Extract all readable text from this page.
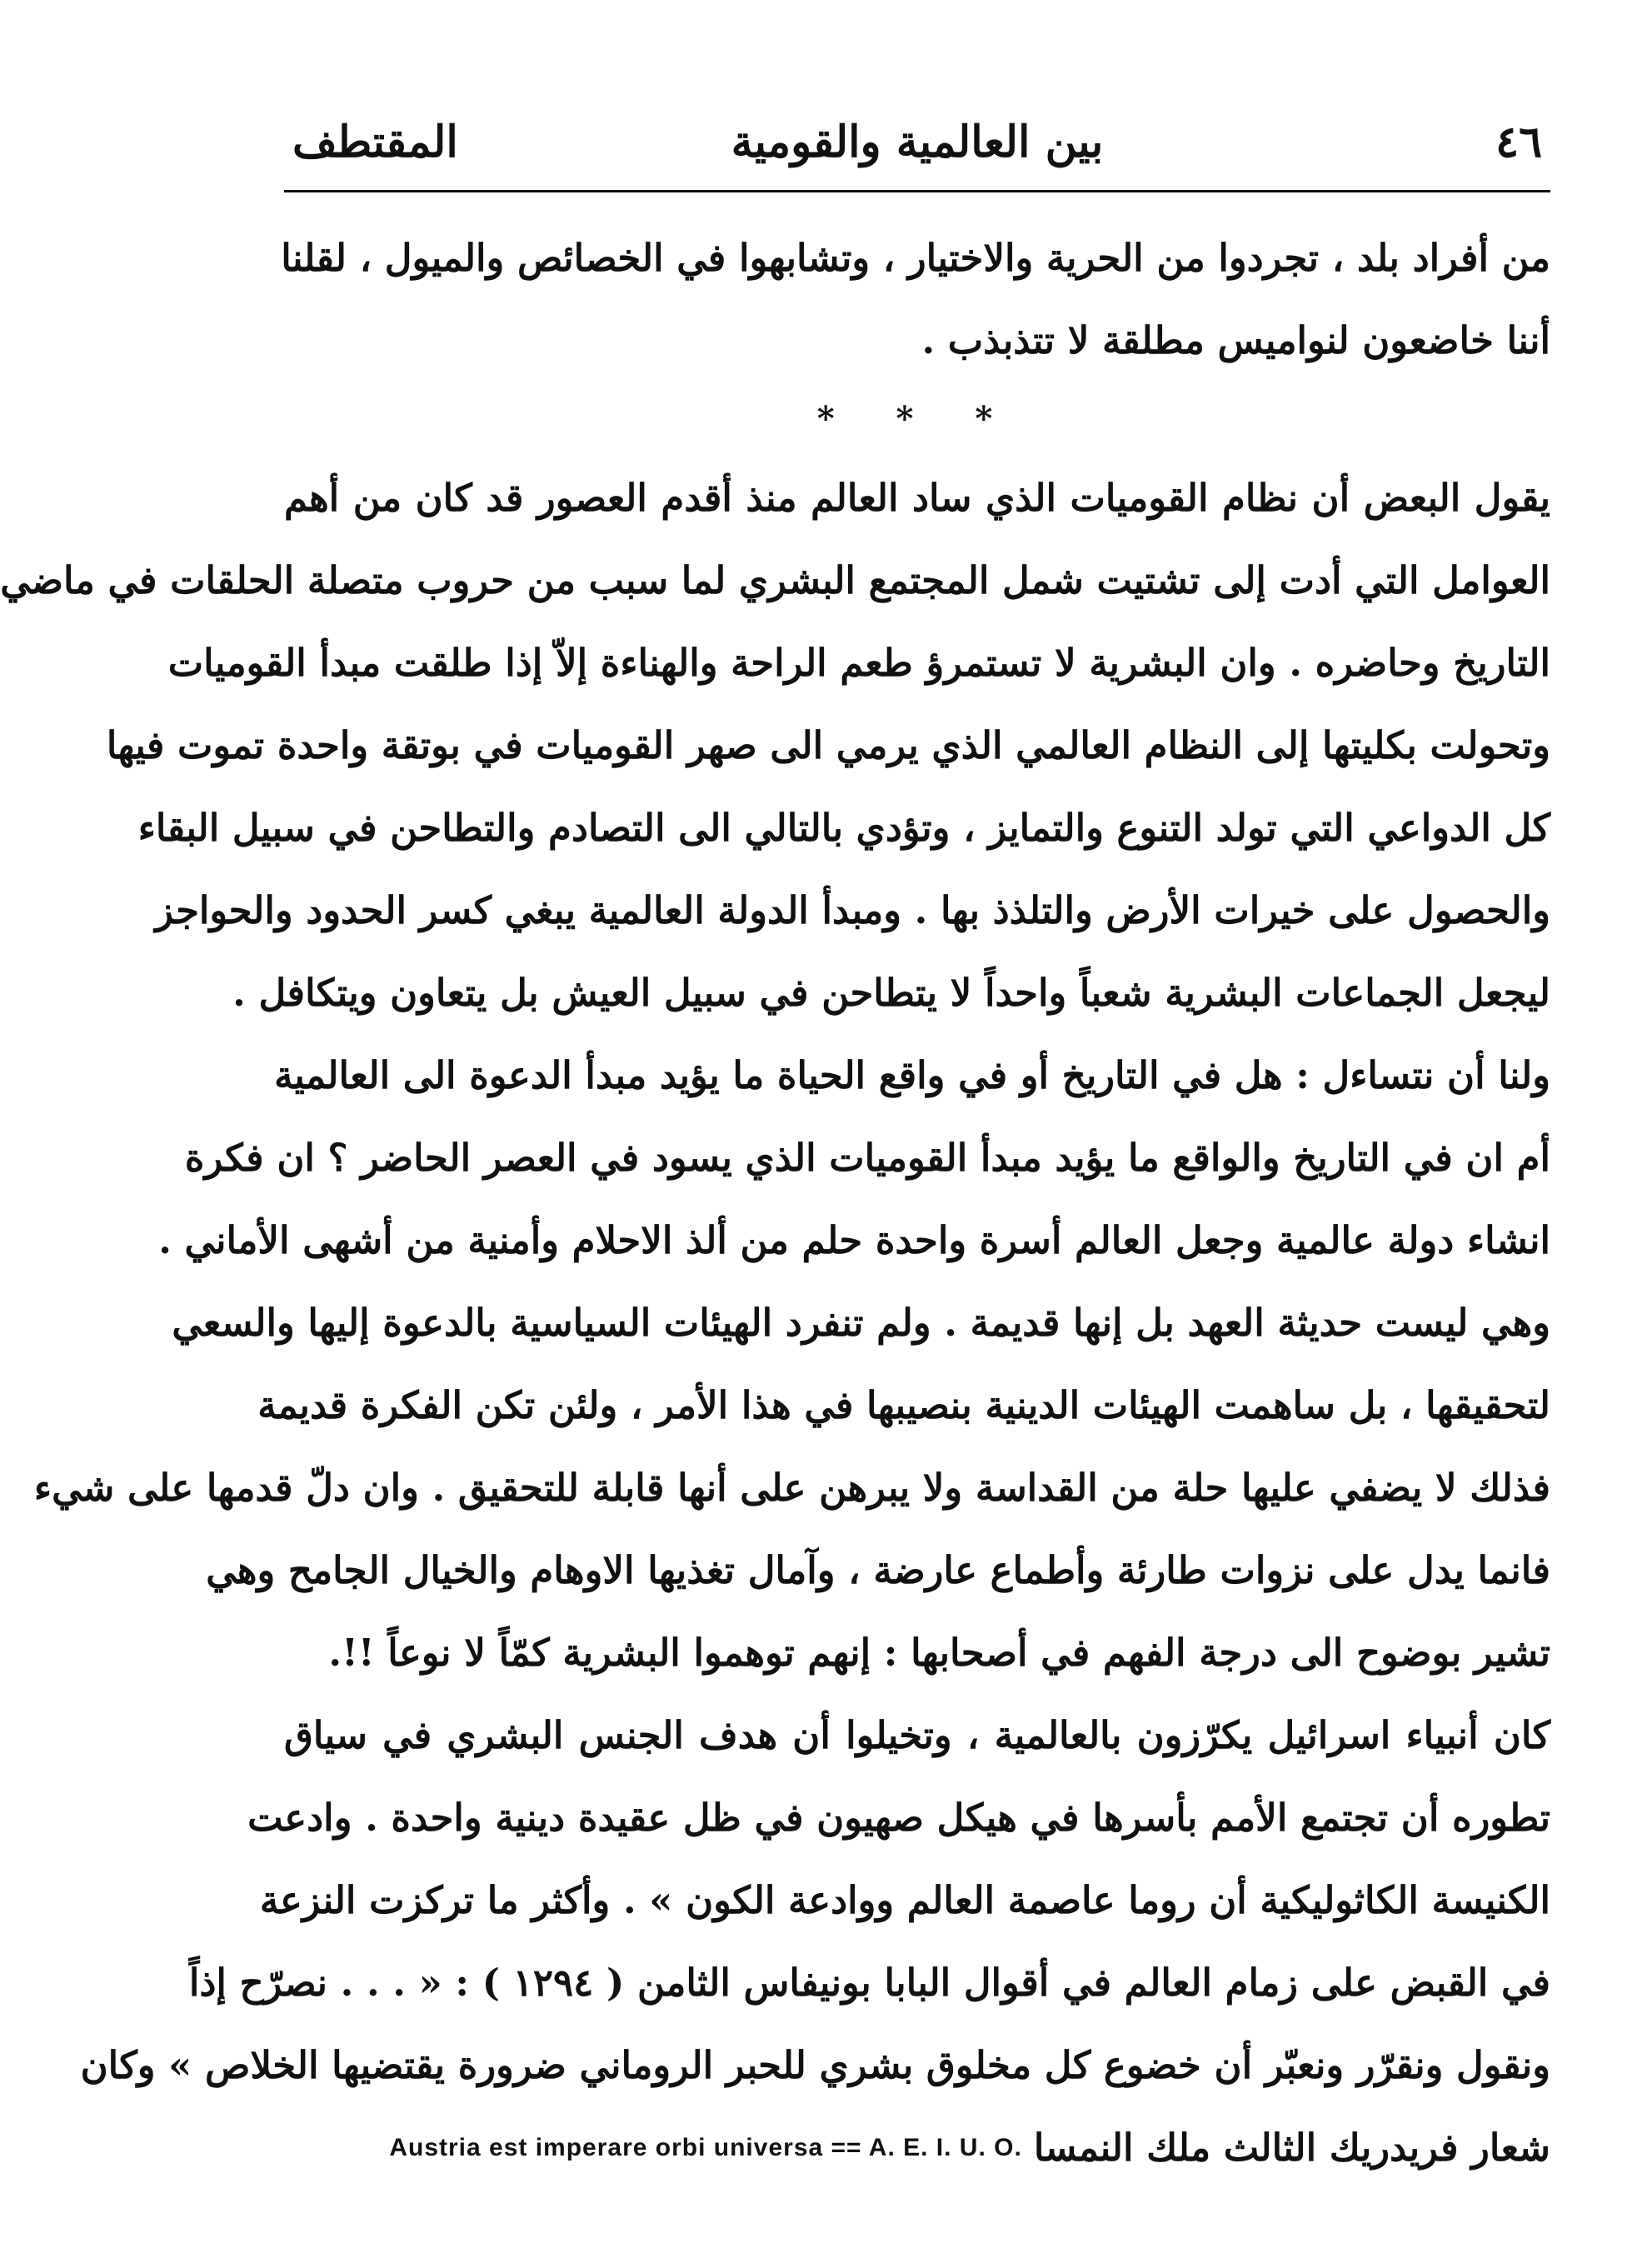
٤٦
بين العالمية والقومية
المقتطف
من أفراد بلد ، تجردوا من الحرية والاختيار ، وتشابهوا في الخصائص والميول ، لقلنا
أننا خاضعون لنواميس مطلقة لا تتذبذب .
* * *
يقول البعض أن نظام القوميات الذي ساد العالم منذ أقدم العصور قد كان من أهم
العوامل التي أدت إلى تشتيت شمل المجتمع البشري لما سبب من حروب متصلة الحلقات في ماضي
التاريخ وحاضره . وان البشرية لا تستمرؤ طعم الراحة والهناءة إلاّ إذا طلقت مبدأ القوميات
وتحولت بكليتها إلى النظام العالمي الذي يرمي الى صهر القوميات في بوتقة واحدة تموت فيها
كل الدواعي التي تولد التنوع والتمايز ، وتؤدي بالتالي الى التصادم والتطاحن في سبيل البقاء
والحصول على خيرات الأرض والتلذذ بها . ومبدأ الدولة العالمية يبغي كسر الحدود والحواجز
ليجعل الجماعات البشرية شعباً واحداً لا يتطاحن في سبيل العيش بل يتعاون ويتكافل .
ولنا أن نتساءل : هل في التاريخ أو في واقع الحياة ما يؤيد مبدأ الدعوة الى العالمية
أم ان في التاريخ والواقع ما يؤيد مبدأ القوميات الذي يسود في العصر الحاضر ؟ ان فكرة
انشاء دولة عالمية وجعل العالم أسرة واحدة حلم من ألذ الاحلام وأمنية من أشهى الأماني .
وهي ليست حديثة العهد بل إنها قديمة . ولم تنفرد الهيئات السياسية بالدعوة إليها والسعي
لتحقيقها ، بل ساهمت الهيئات الدينية بنصيبها في هذا الأمر ، ولئن تكن الفكرة قديمة
فذلك لا يضفي عليها حلة من القداسة ولا يبرهن على أنها قابلة للتحقيق . وان دلّ قدمها على شيء
فانما يدل على نزوات طارئة وأطماع عارضة ، وآمال تغذيها الاوهام والخيال الجامح وهي
تشير بوضوح الى درجة الفهم في أصحابها : إنهم توهموا البشرية كمّاً لا نوعاً !!.
كان أنبياء اسرائيل يكرّزون بالعالمية ، وتخيلوا أن هدف الجنس البشري في سياق
تطوره أن تجتمع الأمم بأسرها في هيكل صهيون في ظل عقيدة دينية واحدة . وادعت
الكنيسة الكاثوليكية أن روما عاصمة العالم ووادعة الكون » . وأكثر ما تركزت النزعة
في القبض على زمام العالم في أقوال البابا بونيفاس الثامن ( ١٢٩٤ ) : « . . . نصرّح إذاً
ونقول ونقرّر ونعبّر أن خضوع كل مخلوق بشري للحبر الروماني ضرورة يقتضيها الخلاص » وكان
شعار فريدريك الثالث ملك النمسا
Austria est imperare orbi universa == A. E. I. U. O.
